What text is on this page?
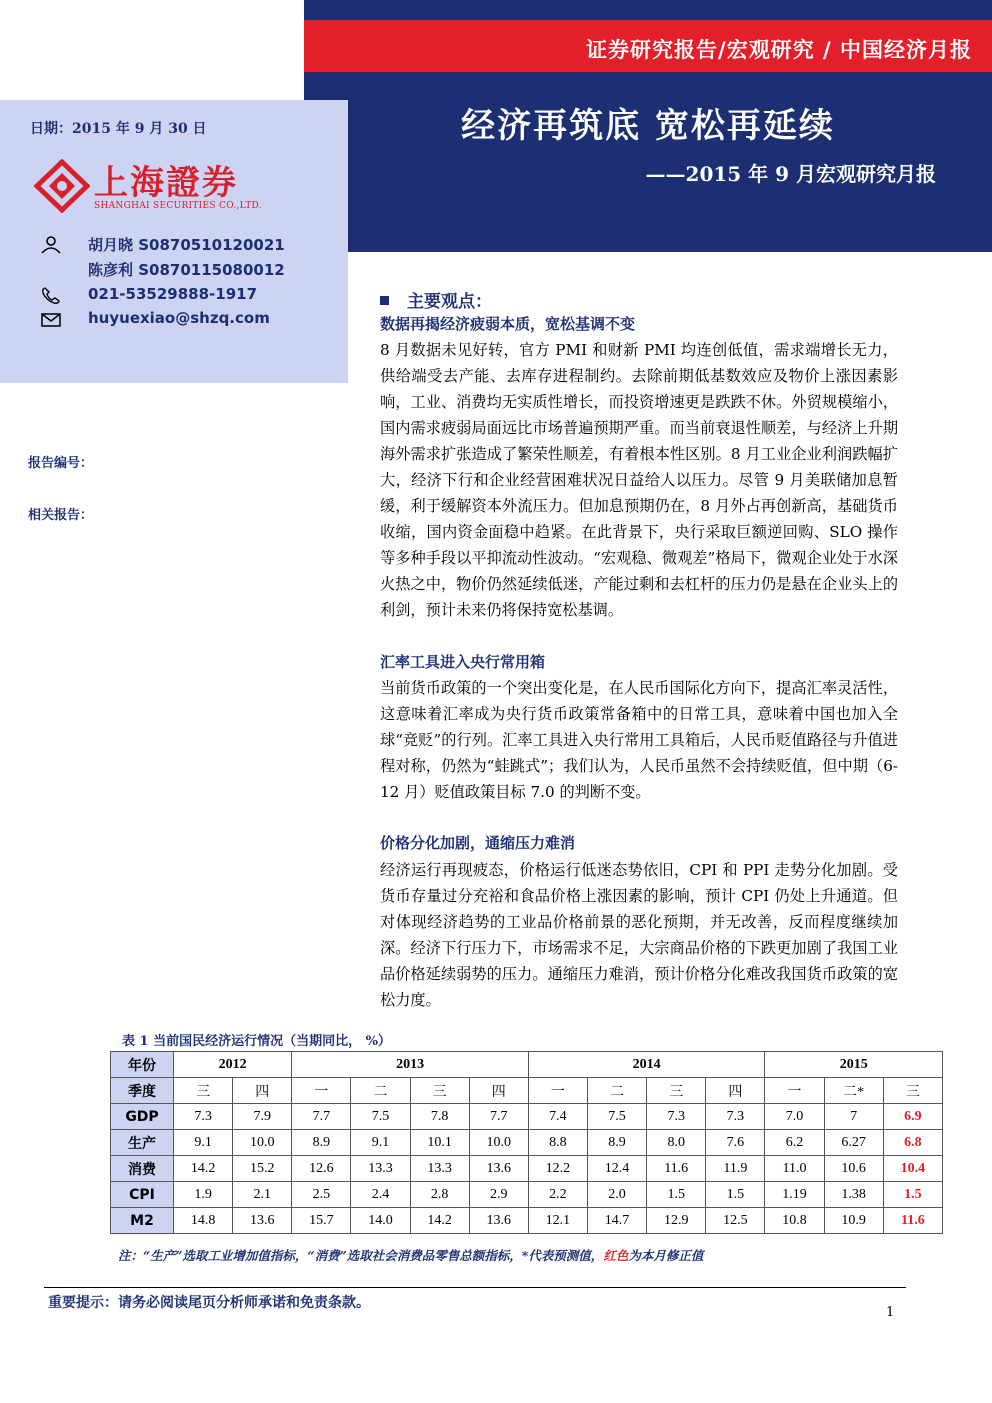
证券研究报告/宏观研究 / 中国经济月报
经济再筑底 宽松再延续
——2015 年 9 月宏观研究月报
日期：2015 年 9 月 30 日
上海證券
SHANGHAI SECURITIES CO.,LTD.
胡月晓 S0870510120021
陈彦利 S0870115080012
021-53529888-1917
huyuexiao@shzq.com
报告编号：
相关报告：
主要观点：
数据再揭经济疲弱本质，宽松基调不变
8 月数据未见好转，官方 PMI 和财新 PMI 均连创低值，需求端增长无力，供给端受去产能、去库存进程制约。去除前期低基数效应及物价上涨因素影响，工业、消费均无实质性增长，而投资增速更是跌跌不休。外贸规模缩小，国内需求疲弱局面远比市场普遍预期严重。而当前衰退性顺差，与经济上升期海外需求扩张造成了繁荣性顺差，有着根本性区别。8 月工业企业利润跌幅扩大，经济下行和企业经营困难状况日益给人以压力。尽管 9 月美联储加息暂缓，利于缓解资本外流压力。但加息预期仍在，8 月外占再创新高，基础货币收缩，国内资金面稳中趋紧。在此背景下，央行采取巨额逆回购、SLO 操作等多种手段以平抑流动性波动。“宏观稳、微观差”格局下，微观企业处于水深火热之中，物价仍然延续低迷，产能过剩和去杠杆的压力仍是悬在企业头上的利剑，预计未来仍将保持宽松基调。
汇率工具进入央行常用箱
当前货币政策的一个突出变化是，在人民币国际化方向下，提高汇率灵活性，这意味着汇率成为央行货币政策常备箱中的日常工具，意味着中国也加入全球“竞贬”的行列。汇率工具进入央行常用工具箱后，人民币贬值路径与升值进程对称，仍然为“蛙跳式”；我们认为，人民币虽然不会持续贬值，但中期（6-12 月）贬值政策目标 7.0 的判断不变。
价格分化加剧，通缩压力难消
经济运行再现疲态，价格运行低迷态势依旧，CPI 和 PPI 走势分化加剧。受货币存量过分充裕和食品价格上涨因素的影响，预计 CPI 仍处上升通道。但对体现经济趋势的工业品价格前景的恶化预期，并无改善，反而程度继续加深。经济下行压力下，市场需求不足，大宗商品价格的下跌更加剧了我国工业品价格延续弱势的压力。通缩压力难消，预计价格分化难改我国货币政策的宽松力度。
表 1 当前国民经济运行情况（当期同比， %）
年份	2012		2013				2014				2015		
季度	三	四	一	二	三	四	一	二	三	四	一	二*	三
GDP	7.3	7.9	7.7	7.5	7.8	7.7	7.4	7.5	7.3	7.3	7.0	7	6.9
生产	9.1	10.0	8.9	9.1	10.1	10.0	8.8	8.9	8.0	7.6	6.2	6.27	6.8
消费	14.2	15.2	12.6	13.3	13.3	13.6	12.2	12.4	11.6	11.9	11.0	10.6	10.4
CPI	1.9	2.1	2.5	2.4	2.8	2.9	2.2	2.0	1.5	1.5	1.19	1.38	1.5
M2	14.8	13.6	15.7	14.0	14.2	13.6	12.1	14.7	12.9	12.5	10.8	10.9	11.6
注：“生产”选取工业增加值指标，“消费”选取社会消费品零售总额指标，*代表预测值，红色为本月修正值
重要提示：请务必阅读尾页分析师承诺和免责条款。
1
